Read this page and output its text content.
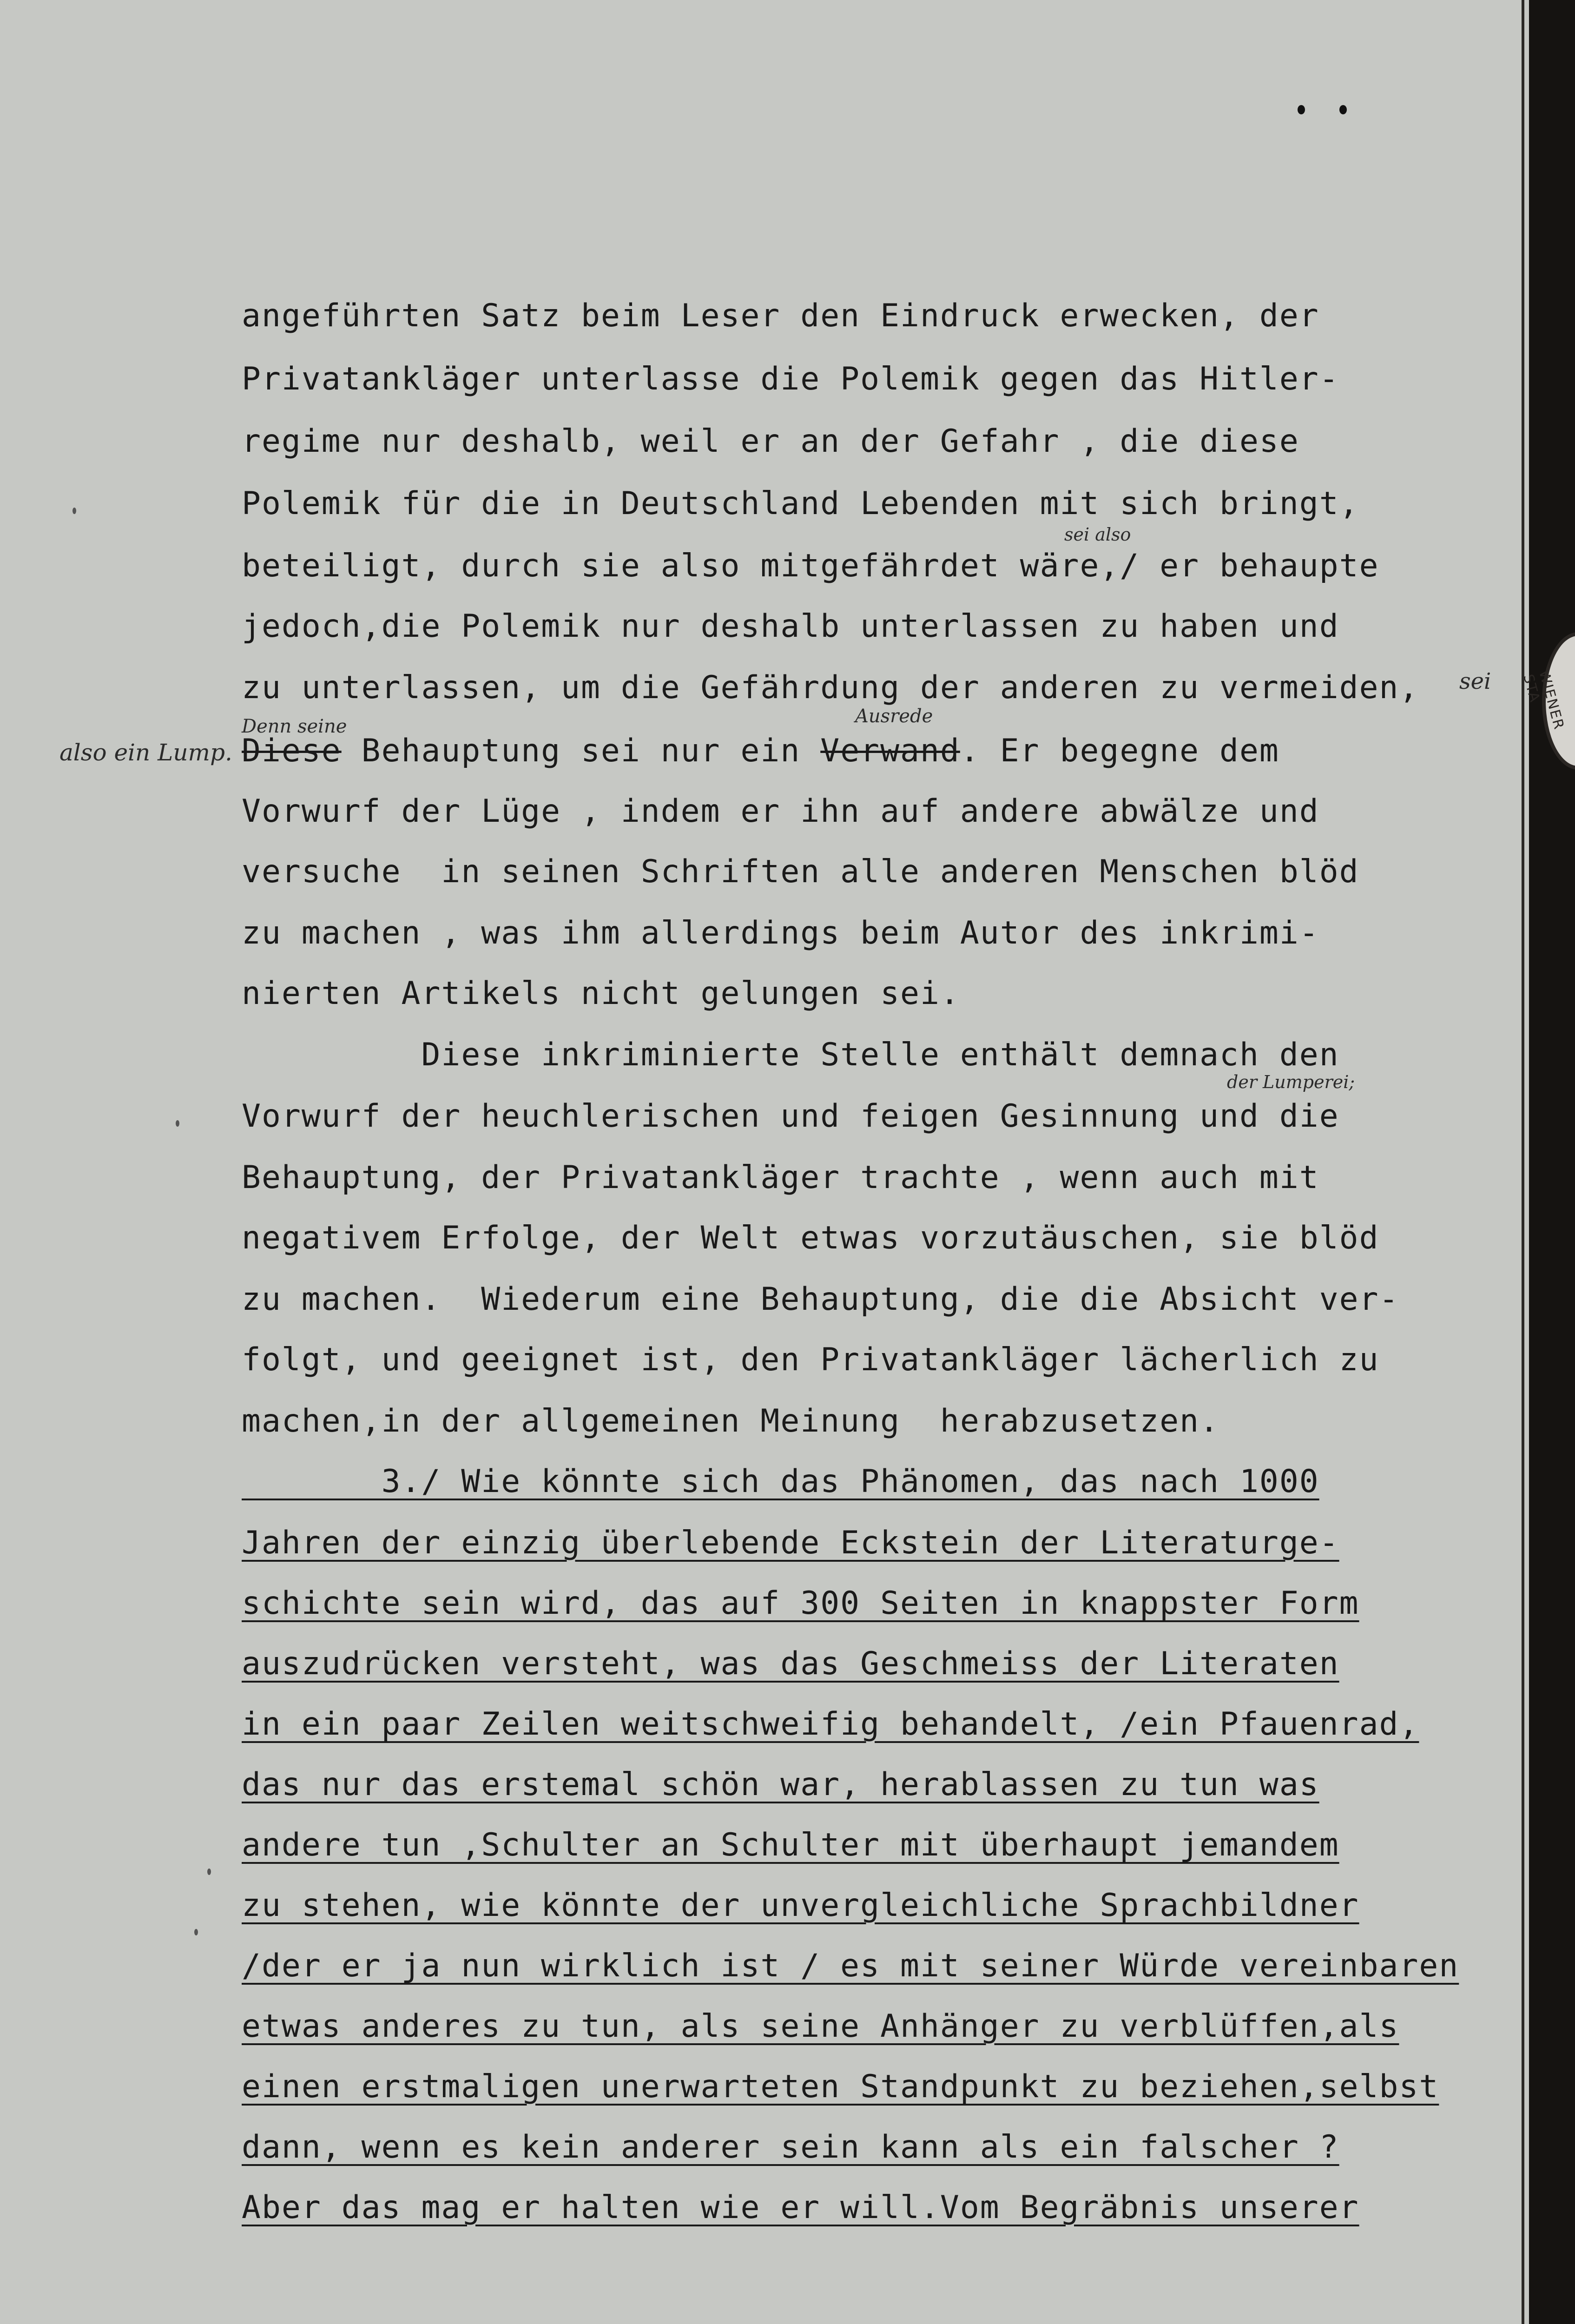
WIENER STA

angeführten Satz beim Leser den Eindruck erwecken, der

Privatankläger unterlasse die Polemik gegen das Hitler-

regime nur deshalb, weil er an der Gefahr , die diese

Polemik für die in Deutschland Lebenden mit sich bringt,

beteiligt, durch sie also mitgefährdet wäre,/ er behaupte

jedoch,die Polemik nur deshalb unterlassen zu haben und

zu unterlassen, um die Gefährdung der anderen zu vermeiden,

Diese Behauptung sei nur ein Verwand. Er begegne dem

Vorwurf der Lüge , indem er ihn auf andere abwälze und

versuche  in seinen Schriften alle anderen Menschen blöd

zu machen , was ihm allerdings beim Autor des inkrimi-

nierten Artikels nicht gelungen sei.

Diese inkriminierte Stelle enthält demnach den

Vorwurf der heuchlerischen und feigen Gesinnung und die

Behauptung, der Privatankläger trachte , wenn auch mit

negativem Erfolge, der Welt etwas vorzutäuschen, sie blöd

zu machen.  Wiederum eine Behauptung, die die Absicht ver-

folgt, und geeignet ist, den Privatankläger lächerlich zu

machen,in der allgemeinen Meinung  herabzusetzen.

3./ Wie könnte sich das Phänomen, das nach 1000

Jahren der einzig überlebende Eckstein der Literaturge-

schichte sein wird, das auf 300 Seiten in knappster Form

auszudrücken versteht, was das Geschmeiss der Literaten

in ein paar Zeilen weitschweifig behandelt, /ein Pfauenrad,

das nur das erstemal schön war, herablassen zu tun was

andere tun ,Schulter an Schulter mit überhaupt jemandem

zu stehen, wie könnte der unvergleichliche Sprachbildner

/der er ja nun wirklich ist / es mit seiner Würde vereinbaren

etwas anderes zu tun, als seine Anhänger zu verblüffen,als

einen erstmaligen unerwarteten Standpunkt zu beziehen,selbst

dann, wenn es kein anderer sein kann als ein falscher ?

Aber das mag er halten wie er will.Vom Begräbnis unserer

also ein Lump.
sei also
sei
Denn seine	Ausrede
der Lumperei;
